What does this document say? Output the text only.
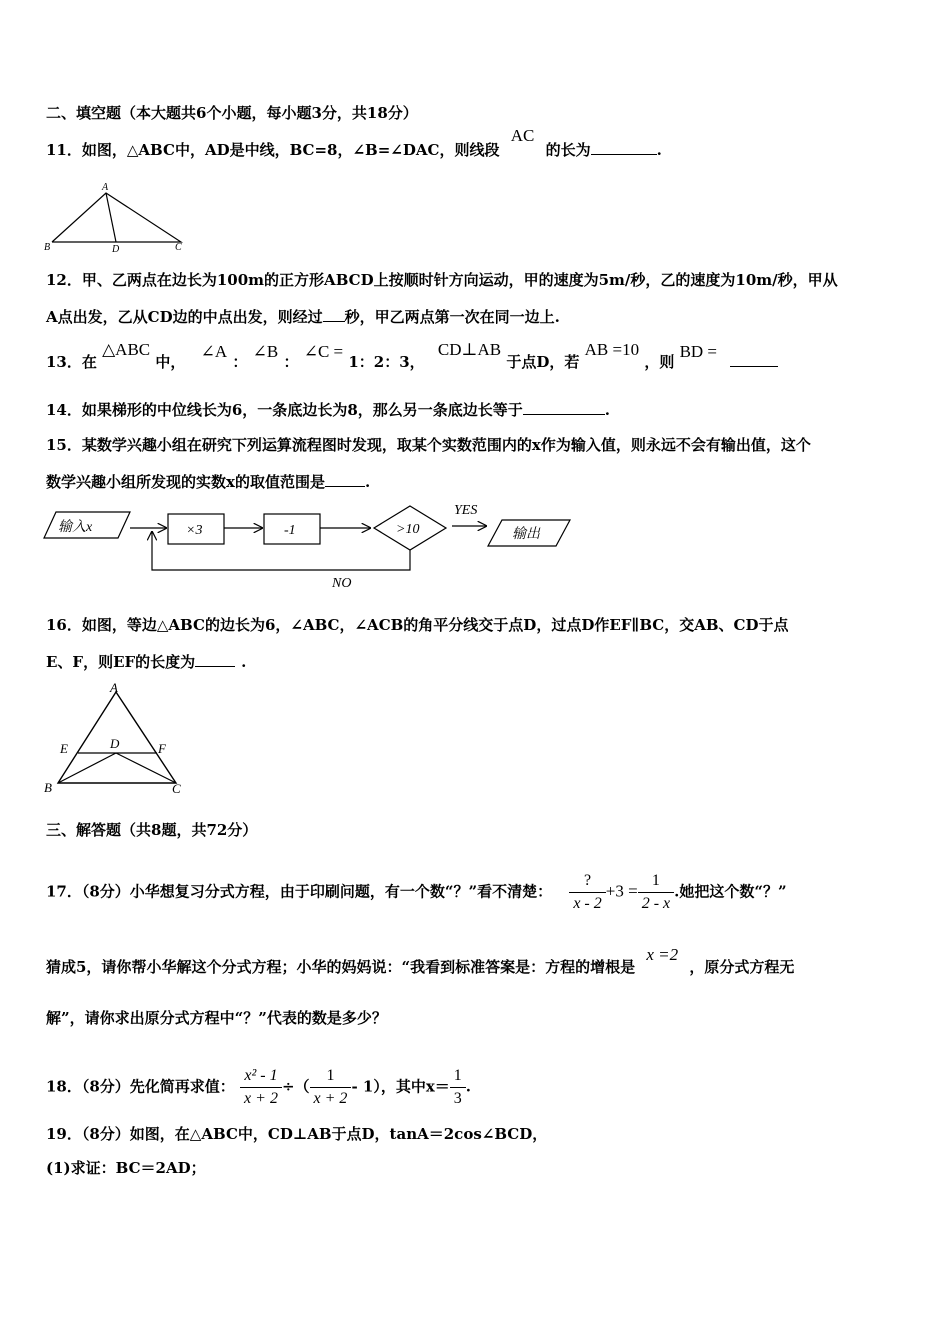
二、填空题（本大题共6个小题，每小题3分，共18分）
11．如图，△ABC中，AD是中线，BC=8，∠B=∠DAC，则线段 AC 的长为	.
A
B	D	C
12．甲、乙两点在边长为100m的正方形ABCD上按顺时针方向运动，甲的速度为5m/秒，乙的速度为10m/秒，甲从
A点出发，乙从CD边的中点出发，则经过 秒，甲乙两点第一次在同一边上.
13．在 △ABC 中， ∠A ： ∠B ： ∠C = 1：2：3， CD⊥AB 于点D，若 AB =10 ，则 BD =
14．如果梯形的中位线长为6，一条底边长为8，那么另一条底边长等于	.
15．某数学兴趣小组在研究下列运算流程图时发现，取某个实数范围内的x作为输入值，则永远不会有输出值，这个
数学兴趣小组所发现的实数x的取值范围是	.
输入x	×3	-1	>10
YES
输出
NO
16．如图，等边△ABC的边长为6，∠ABC，∠ACB的角平分线交于点D，过点D作EF∥BC，交AB、CD于点
E、F，则EF的长度为	.
A
E	D	F
B	C
三、解答题（共8题，共72分）
17．（8分）小华想复习分式方程，由于印刷问题，有一个数“？”看不清楚： $\frac{?}{x - 2} +3 = \frac{1}{2 - x}$ .她把这个数“？”
猜成5，请你帮小华解这个分式方程；小华的妈妈说：“我看到标准答案是：方程的增根是 x =2 ，原分式方程无
解”，请你求出原分式方程中“？”代表的数是多少？
18．（8分）先化简再求值： $\frac{\text{x² - 1}}{x + 2}$ ÷（ $\frac{1}{x + 2} - 1$），其中$x= \frac{1}{3}$ .
19．（8分）如图，在△ABC中，CD⊥AB于点D，tanA＝2cos∠BCD，
(1)求证：BC＝2AD；
